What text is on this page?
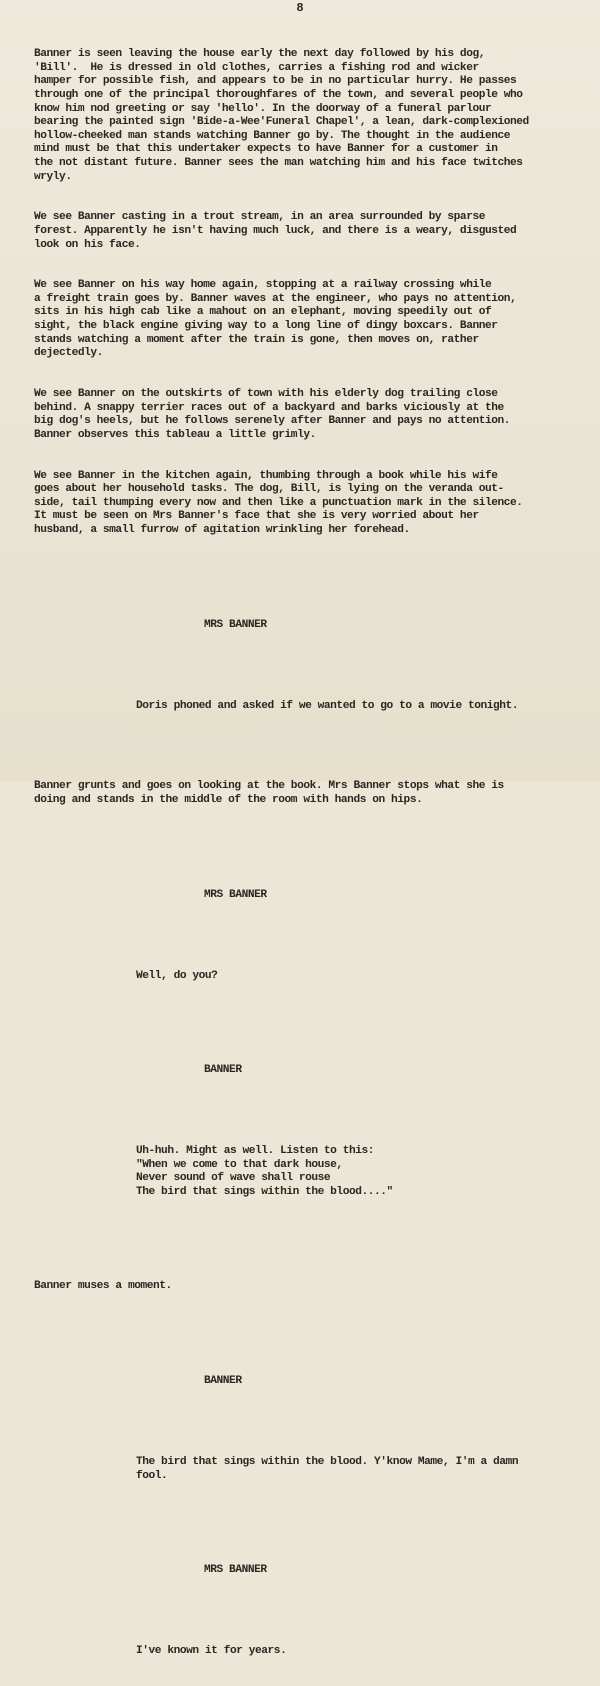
8

Banner is seen leaving the house early the next day followed by his dog,
'Bill'.  He is dressed in old clothes, carries a fishing rod and wicker
hamper for possible fish, and appears to be in no particular hurry. He passes
through one of the principal thoroughfares of the town, and several people who
know him nod greeting or say 'hello'. In the doorway of a funeral parlour
bearing the painted sign 'Bide-a-Wee'Funeral Chapel', a lean, dark-complexioned
hollow-cheeked man stands watching Banner go by. The thought in the audience
mind must be that this undertaker expects to have Banner for a customer in
the not distant future. Banner sees the man watching him and his face twitches
wryly.

We see Banner casting in a trout stream, in an area surrounded by sparse
forest. Apparently he isn't having much luck, and there is a weary, disgusted
look on his face.

We see Banner on his way home again, stopping at a railway crossing while
a freight train goes by. Banner waves at the engineer, who pays no attention,
sits in his high cab like a mahout on an elephant, moving speedily out of
sight, the black engine giving way to a long line of dingy boxcars. Banner
stands watching a moment after the train is gone, then moves on, rather
dejectedly.

We see Banner on the outskirts of town with his elderly dog trailing close
behind. A snappy terrier races out of a backyard and barks viciously at the
big dog's heels, but he follows serenely after Banner and pays no attention.
Banner observes this tableau a little grimly.

We see Banner in the kitchen again, thumbing through a book while his wife
goes about her household tasks. The dog, Bill, is lying on the veranda out-
side, tail thumping every now and then like a punctuation mark in the silence.
It must be seen on Mrs Banner's face that she is very worried about her
husband, a small furrow of agitation wrinkling her forehead.

MRS BANNER

Doris phoned and asked if we wanted to go to a movie tonight.

Banner grunts and goes on looking at the book. Mrs Banner stops what she is
doing and stands in the middle of the room with hands on hips.

MRS BANNER

Well, do you?

BANNER

Uh-huh. Might as well. Listen to this:
"When we come to that dark house,
Never sound of wave shall rouse
The bird that sings within the blood...."

Banner muses a moment.

BANNER

The bird that sings within the blood. Y'know Mame, I'm a damn
fool.

MRS BANNER

I've known it for years.
